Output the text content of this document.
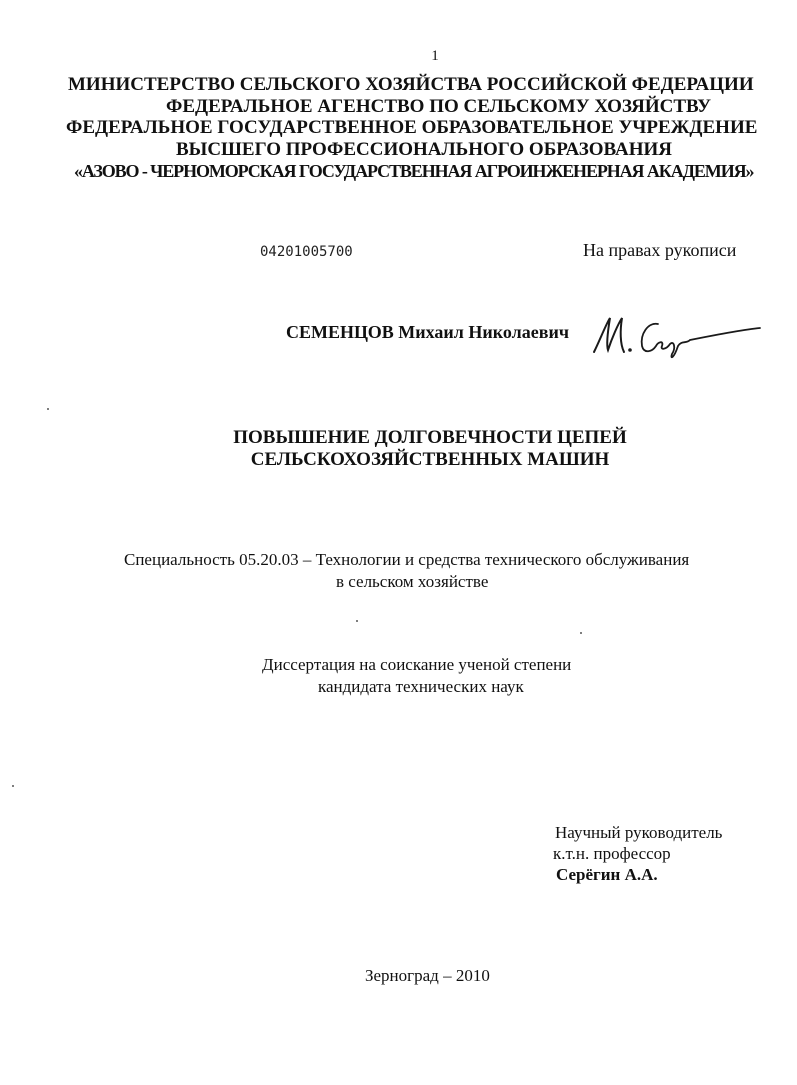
1
МИНИСТЕРСТВО СЕЛЬСКОГО ХОЗЯЙСТВА РОССИЙСКОЙ ФЕДЕРАЦИИ
ФЕДЕРАЛЬНОЕ АГЕНСТВО ПО СЕЛЬСКОМУ ХОЗЯЙСТВУ
ФЕДЕРАЛЬНОЕ ГОСУДАРСТВЕННОЕ ОБРАЗОВАТЕЛЬНОЕ УЧРЕЖДЕНИЕ
ВЫСШЕГО ПРОФЕССИОНАЛЬНОГО ОБРАЗОВАНИЯ
«АЗОВО - ЧЕРНОМОРСКАЯ ГОСУДАРСТВЕННАЯ АГРОИНЖЕНЕРНАЯ АКАДЕМИЯ»
04201005700	На правах рукописи
СЕМЕНЦОВ Михаил Николаевич
ПОВЫШЕНИЕ ДОЛГОВЕЧНОСТИ ЦЕПЕЙ
СЕЛЬСКОХОЗЯЙСТВЕННЫХ МАШИН
Специальность 05.20.03 – Технологии и средства технического обслуживания
в сельском хозяйстве
Диссертация на соискание ученой степени
кандидата технических наук
Научный руководитель
к.т.н. профессор
Серёгин А.А.
Зерноград – 2010
